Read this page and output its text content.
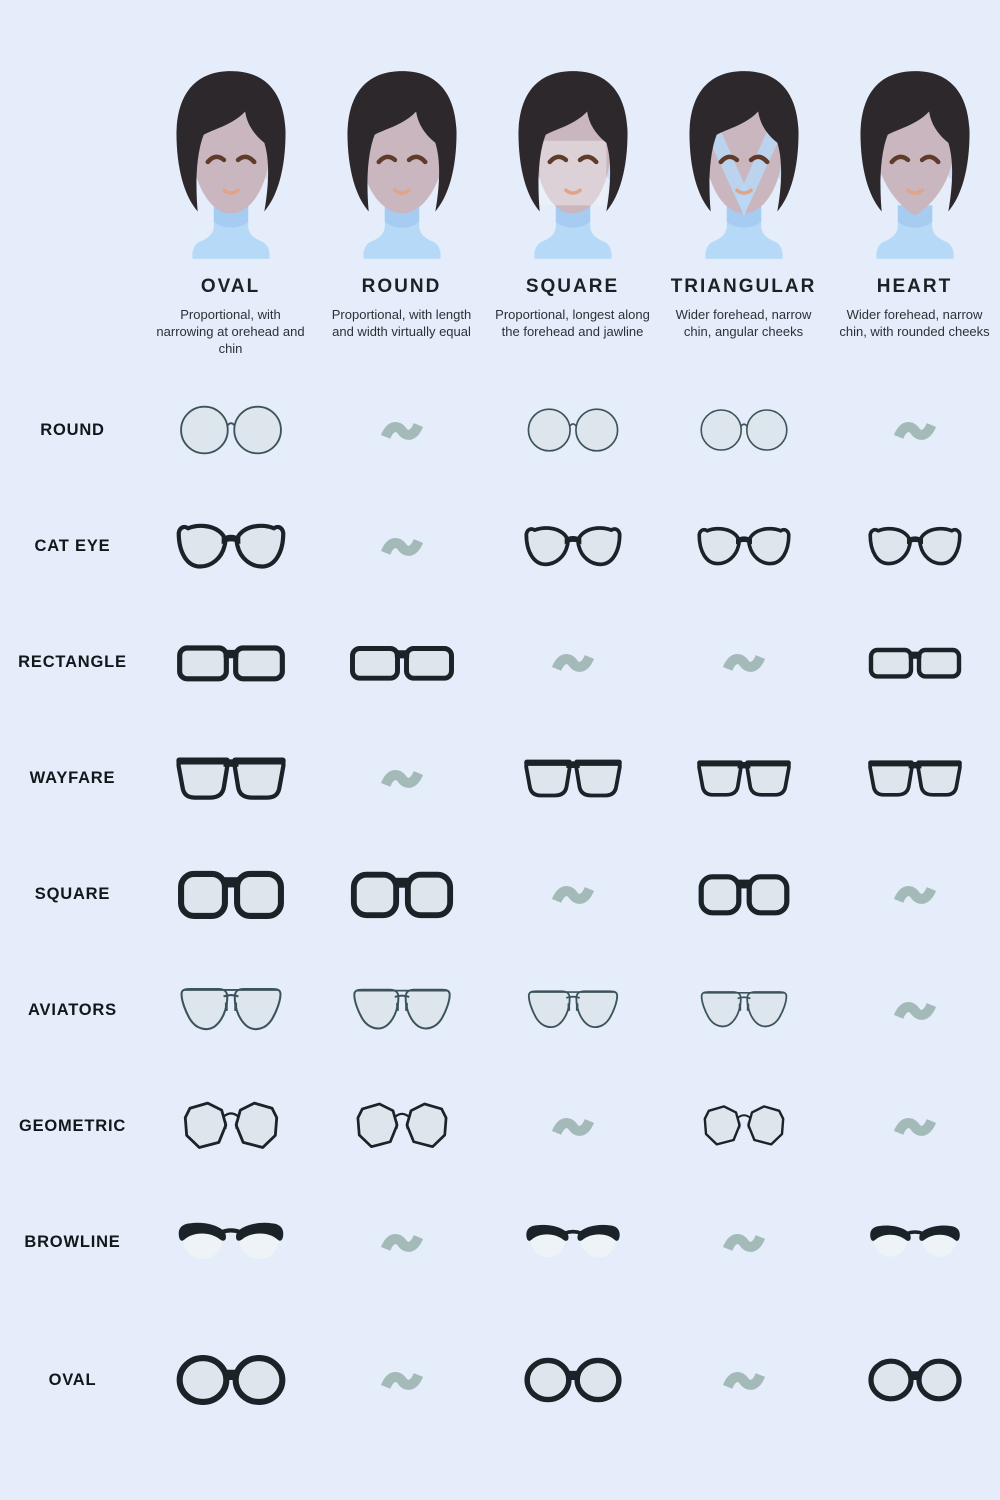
OVAL
Proportional, with narrowing at orehead and chin
ROUND
Proportional, with length and width virtually equal
SQUARE
Proportional, longest along the forehead and jawline
TRIANGULAR
Wider forehead, narrow chin, angular cheeks
HEART
Wider forehead, narrow chin, with rounded cheeks
ROUND
CAT EYE
RECTANGLE
WAYFARE
SQUARE
AVIATORS
GEOMETRIC
BROWLINE
OVAL
